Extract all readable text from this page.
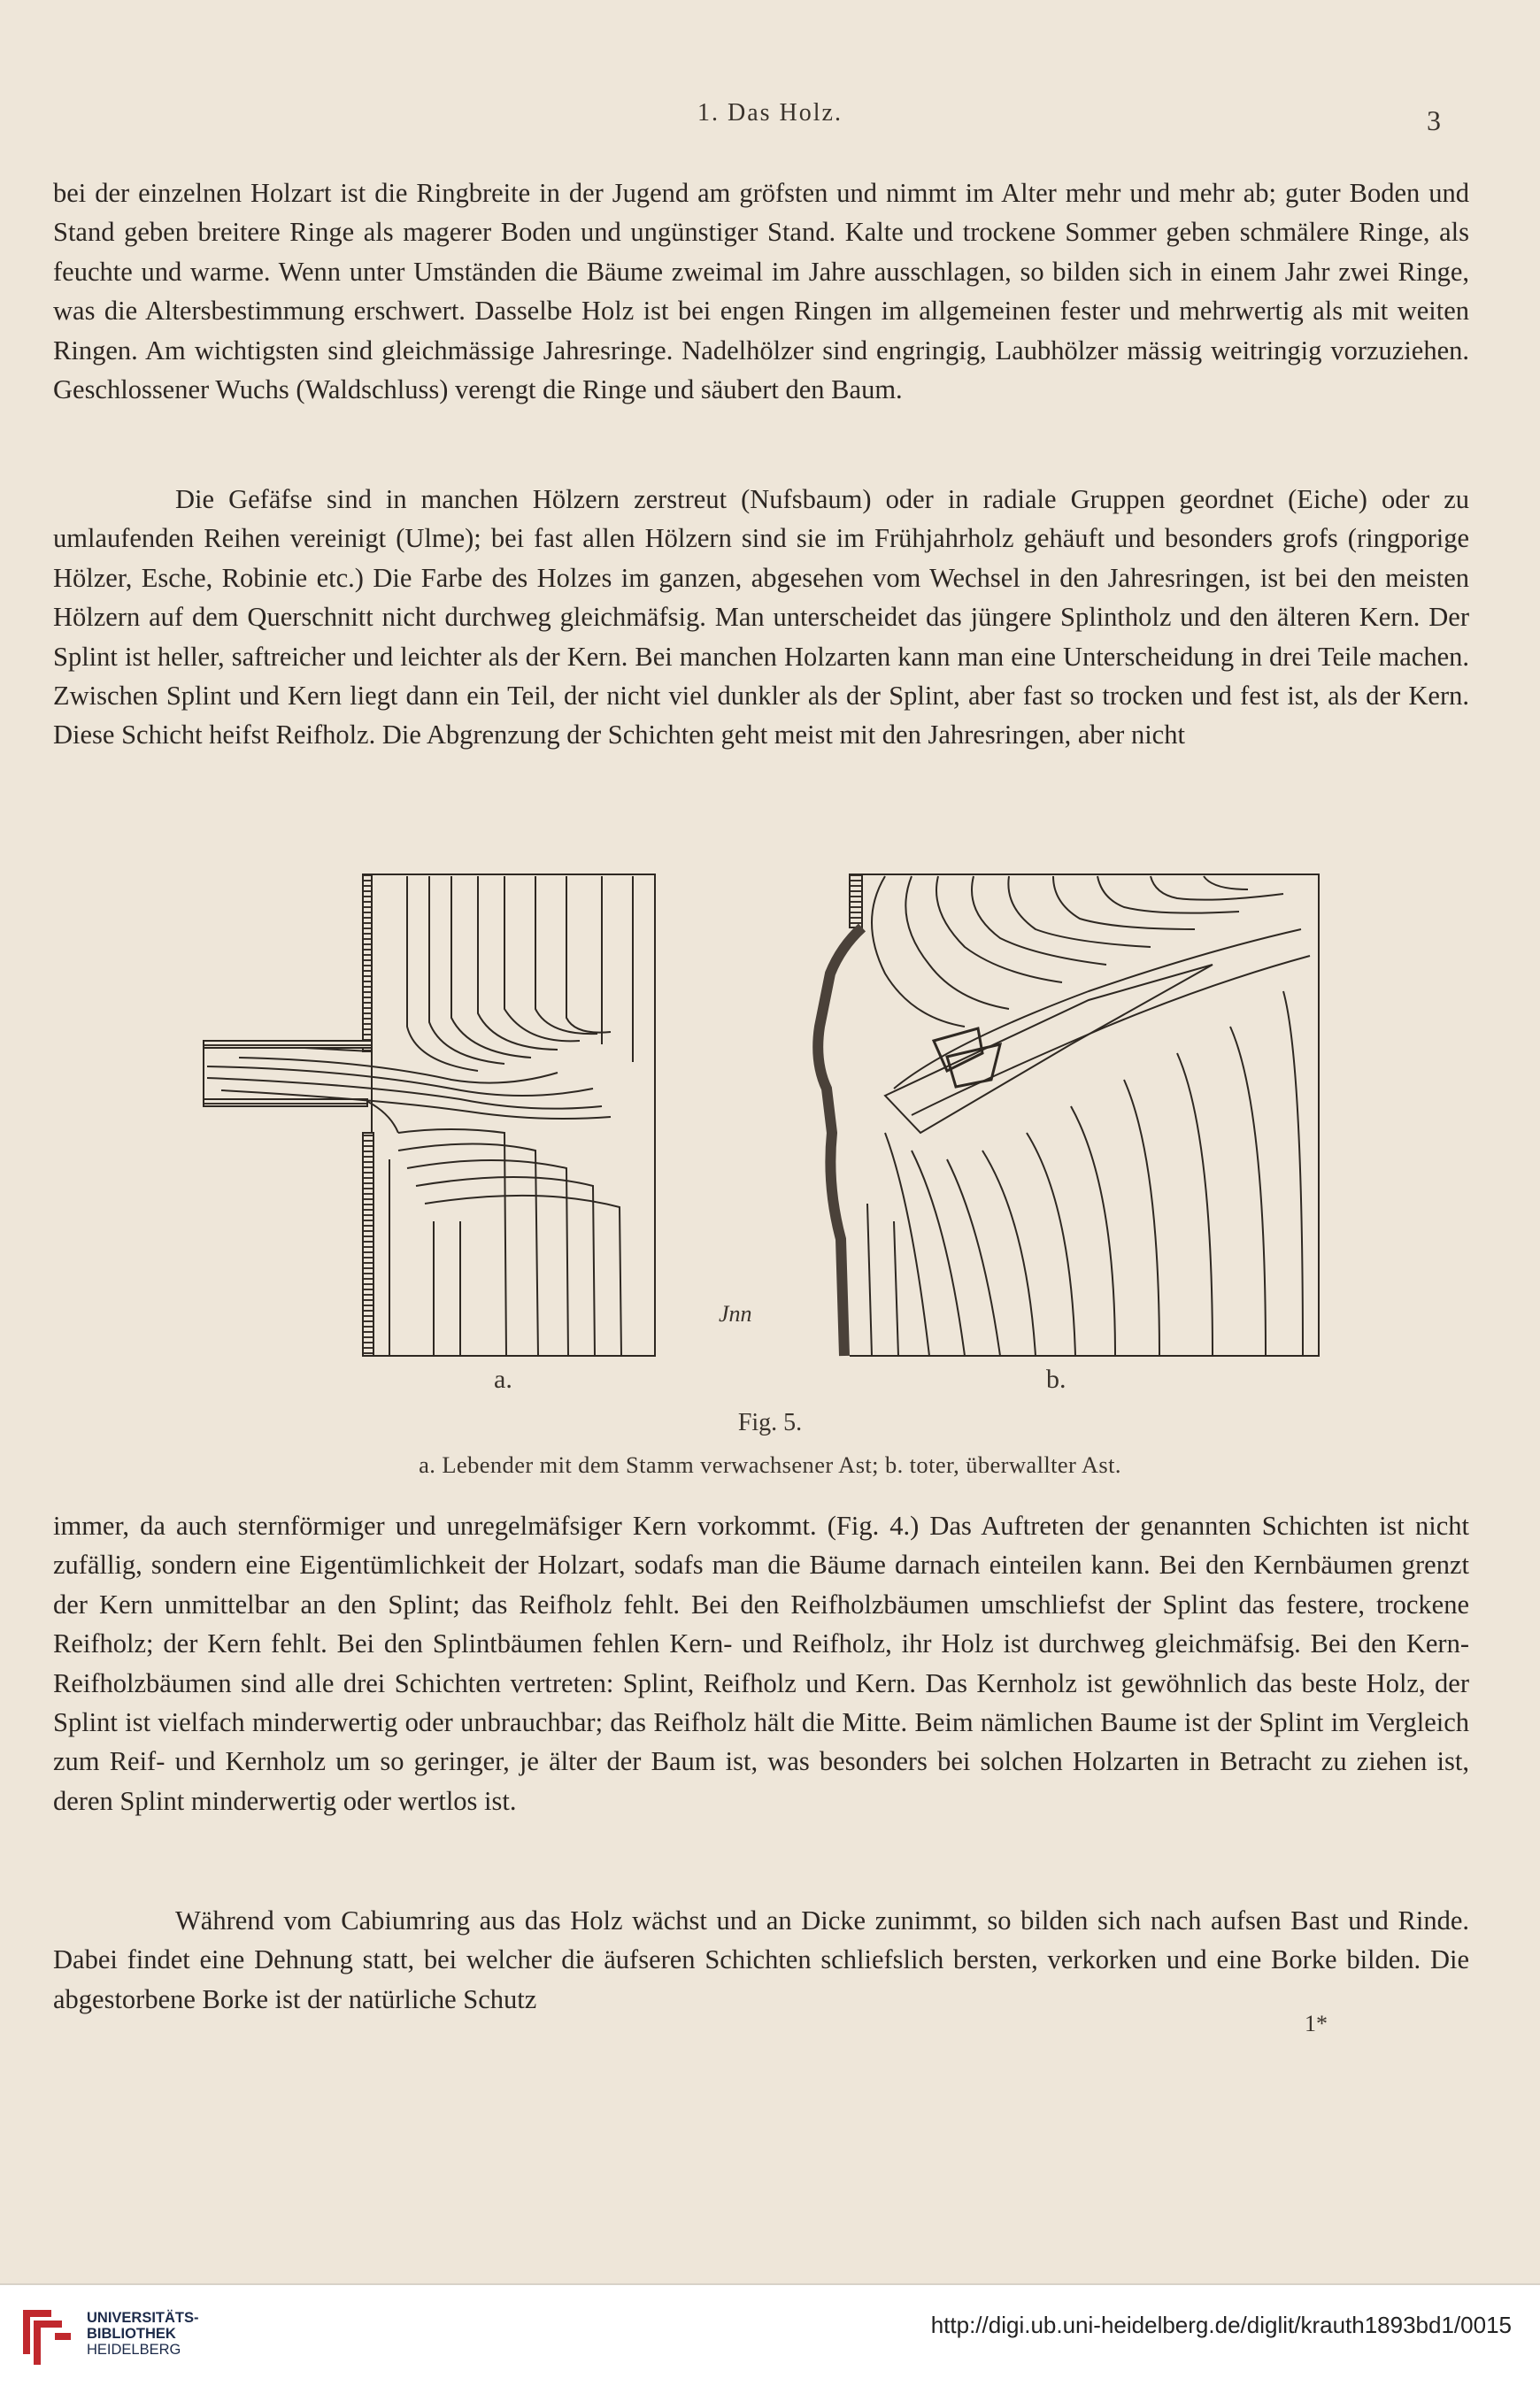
1. Das Holz.	3

bei der einzelnen Holzart ist die Ringbreite in der Jugend am gröfsten und nimmt im Alter mehr und mehr ab; guter Boden und Stand geben breitere Ringe als magerer Boden und ungünstiger Stand. Kalte und trockene Sommer geben schmälere Ringe, als feuchte und warme. Wenn unter Umständen die Bäume zweimal im Jahre ausschlagen, so bilden sich in einem Jahr zwei Ringe, was die Altersbestimmung erschwert. Dasselbe Holz ist bei engen Ringen im allgemeinen fester und mehrwertig als mit weiten Ringen. Am wichtigsten sind gleichmässige Jahresringe. Nadelhölzer sind engringig, Laubhölzer mässig weitringig vorzuziehen. Geschlossener Wuchs (Waldschluss) verengt die Ringe und säubert den Baum.

Die Gefäfse sind in manchen Hölzern zerstreut (Nufsbaum) oder in radiale Gruppen geordnet (Eiche) oder zu umlaufenden Reihen vereinigt (Ulme); bei fast allen Hölzern sind sie im Frühjahrholz gehäuft und besonders grofs (ringporige Hölzer, Esche, Robinie etc.) Die Farbe des Holzes im ganzen, abgesehen vom Wechsel in den Jahresringen, ist bei den meisten Hölzern auf dem Querschnitt nicht durchweg gleichmäfsig. Man unterscheidet das jüngere Splintholz und den älteren Kern. Der Splint ist heller, saftreicher und leichter als der Kern. Bei manchen Holzarten kann man eine Unterscheidung in drei Teile machen. Zwischen Splint und Kern liegt dann ein Teil, der nicht viel dunkler als der Splint, aber fast so trocken und fest ist, als der Kern. Diese Schicht heifst Reifholz. Die Abgrenzung der Schichten geht meist mit den Jahresringen, aber nicht

a.	b.
Jnn
Fig. 5.
a. Lebender mit dem Stamm verwachsener Ast; b. toter, überwallter Ast.

immer, da auch sternförmiger und unregelmäfsiger Kern vorkommt. (Fig. 4.) Das Auftreten der genannten Schichten ist nicht zufällig, sondern eine Eigentümlichkeit der Holzart, sodafs man die Bäume darnach einteilen kann. Bei den Kernbäumen grenzt der Kern unmittelbar an den Splint; das Reifholz fehlt. Bei den Reifholzbäumen umschliefst der Splint das festere, trockene Reifholz; der Kern fehlt. Bei den Splintbäumen fehlen Kern- und Reifholz, ihr Holz ist durchweg gleichmäfsig. Bei den Kern-Reifholzbäumen sind alle drei Schichten vertreten: Splint, Reifholz und Kern. Das Kernholz ist gewöhnlich das beste Holz, der Splint ist vielfach minderwertig oder unbrauchbar; das Reifholz hält die Mitte. Beim nämlichen Baume ist der Splint im Vergleich zum Reif- und Kernholz um so geringer, je älter der Baum ist, was besonders bei solchen Holzarten in Betracht zu ziehen ist, deren Splint minderwertig oder wertlos ist.

Während vom Cabiumring aus das Holz wächst und an Dicke zunimmt, so bilden sich nach aufsen Bast und Rinde. Dabei findet eine Dehnung statt, bei welcher die äufseren Schichten schliefslich bersten, verkorken und eine Borke bilden. Die abgestorbene Borke ist der natürliche Schutz

1*
UNIVERSITÄTS-
BIBLIOTHEK
HEIDELBERG
http://digi.ub.uni-heidelberg.de/diglit/krauth1893bd1/0015
